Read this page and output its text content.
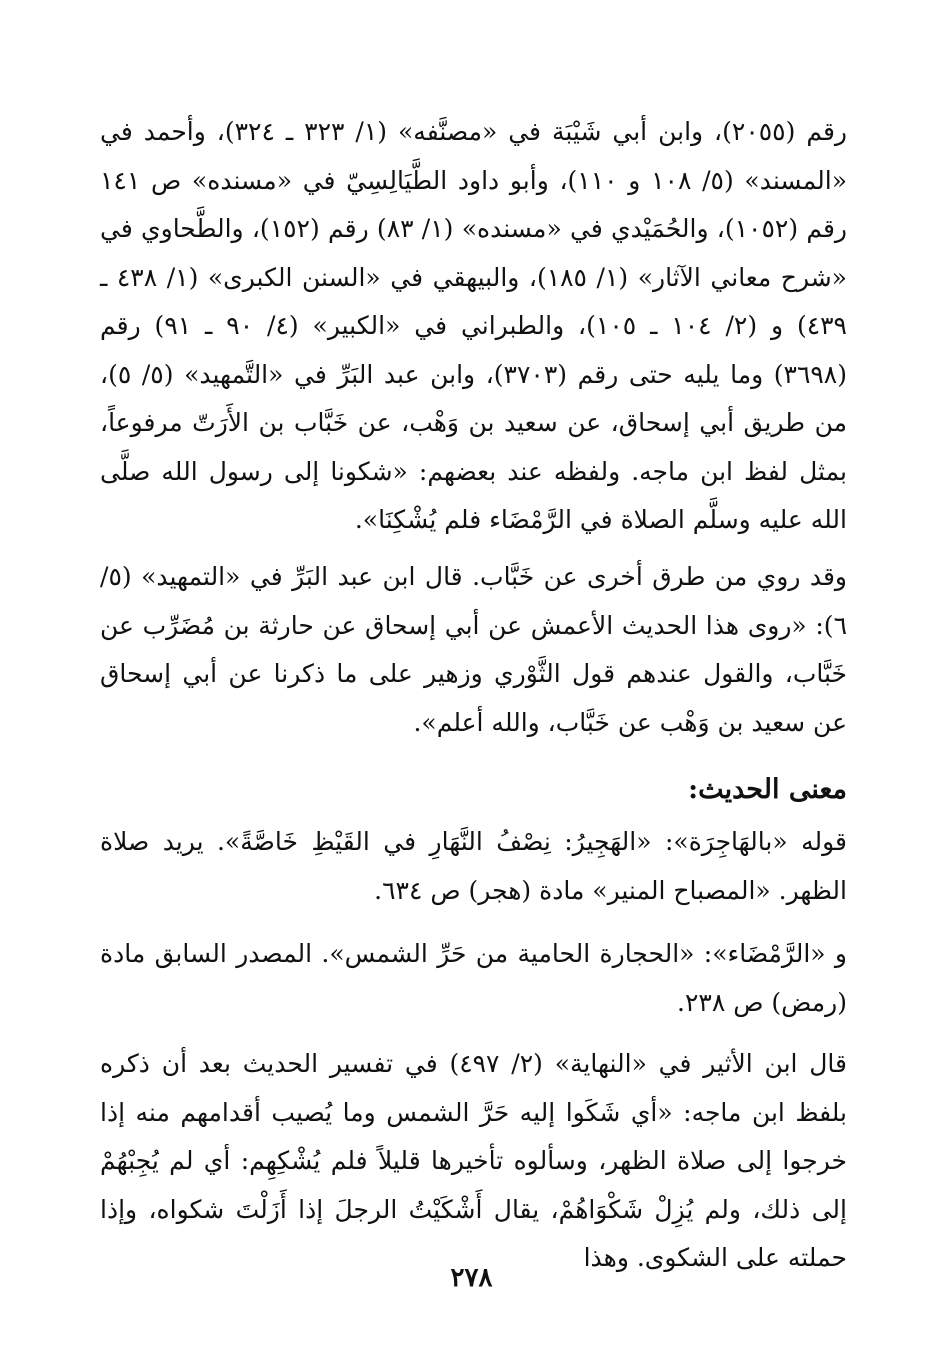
رقم (٢٠٥٥)، وابن أبي شَيْبَة في «مصنَّفه» (١/ ٣٢٣ ـ ٣٢٤)، وأحمد في «المسند» (٥/ ١٠٨ و ١١٠)، وأبو داود الطَّيَالِسِيّ في «مسنده» ص ١٤١ رقم (١٠٥٢)، والحُمَيْدي في «مسنده» (١/ ٨٣) رقم (١٥٢)، والطَّحاوي في «شرح معاني الآثار» (١/ ١٨٥)، والبيهقي في «السنن الكبرى» (١/ ٤٣٨ ـ ٤٣٩) و (٢/ ١٠٤ ـ ١٠٥)، والطبراني في «الكبير» (٤/ ٩٠ ـ ٩١) رقم (٣٦٩٨) وما يليه حتى رقم (٣٧٠٣)، وابن عبد البَرِّ في «التَّمهيد» (٥/ ٥)، من طريق أبي إسحاق، عن سعيد بن وَهْب، عن خَبَّاب بن الأَرَتّ مرفوعاً، بمثل لفظ ابن ماجه. ولفظه عند بعضهم: «شكونا إلى رسول الله صلَّى الله عليه وسلَّم الصلاة في الرَّمْضَاء فلم يُشْكِنَا».

وقد روي من طرق أخرى عن خَبَّاب. قال ابن عبد البَرِّ في «التمهيد» (٥/ ٦): «روى هذا الحديث الأعمش عن أبي إسحاق عن حارثة بن مُضَرِّب عن خَبَّاب، والقول عندهم قول الثَّوْري وزهير على ما ذكرنا عن أبي إسحاق عن سعيد بن وَهْب عن خَبَّاب، والله أعلم».

معنى الحديث:

قوله «بالهَاجِرَة»: «الهَجِيرُ: نِصْفُ النَّهَارِ في القَيْظِ خَاصَّةً». يريد صلاة الظهر. «المصباح المنير» مادة (هجر) ص ٦٣٤.

و «الرَّمْضَاء»: «الحجارة الحامية من حَرِّ الشمس». المصدر السابق مادة (رمض) ص ٢٣٨.

قال ابن الأثير في «النهاية» (٢/ ٤٩٧) في تفسير الحديث بعد أن ذكره بلفظ ابن ماجه: «أي شَكَوا إليه حَرَّ الشمس وما يُصيب أقدامهم منه إذا خرجوا إلى صلاة الظهر، وسألوه تأخيرها قليلاً فلم يُشْكِهِم: أي لم يُجِبْهُمْ إلى ذلك، ولم يُزِلْ شَكْوَاهُمْ، يقال أَشْكَيْتُ الرجلَ إذا أَزَلْتَ شكواه، وإذا حملته على الشكوى. وهذا

٢٧٨
